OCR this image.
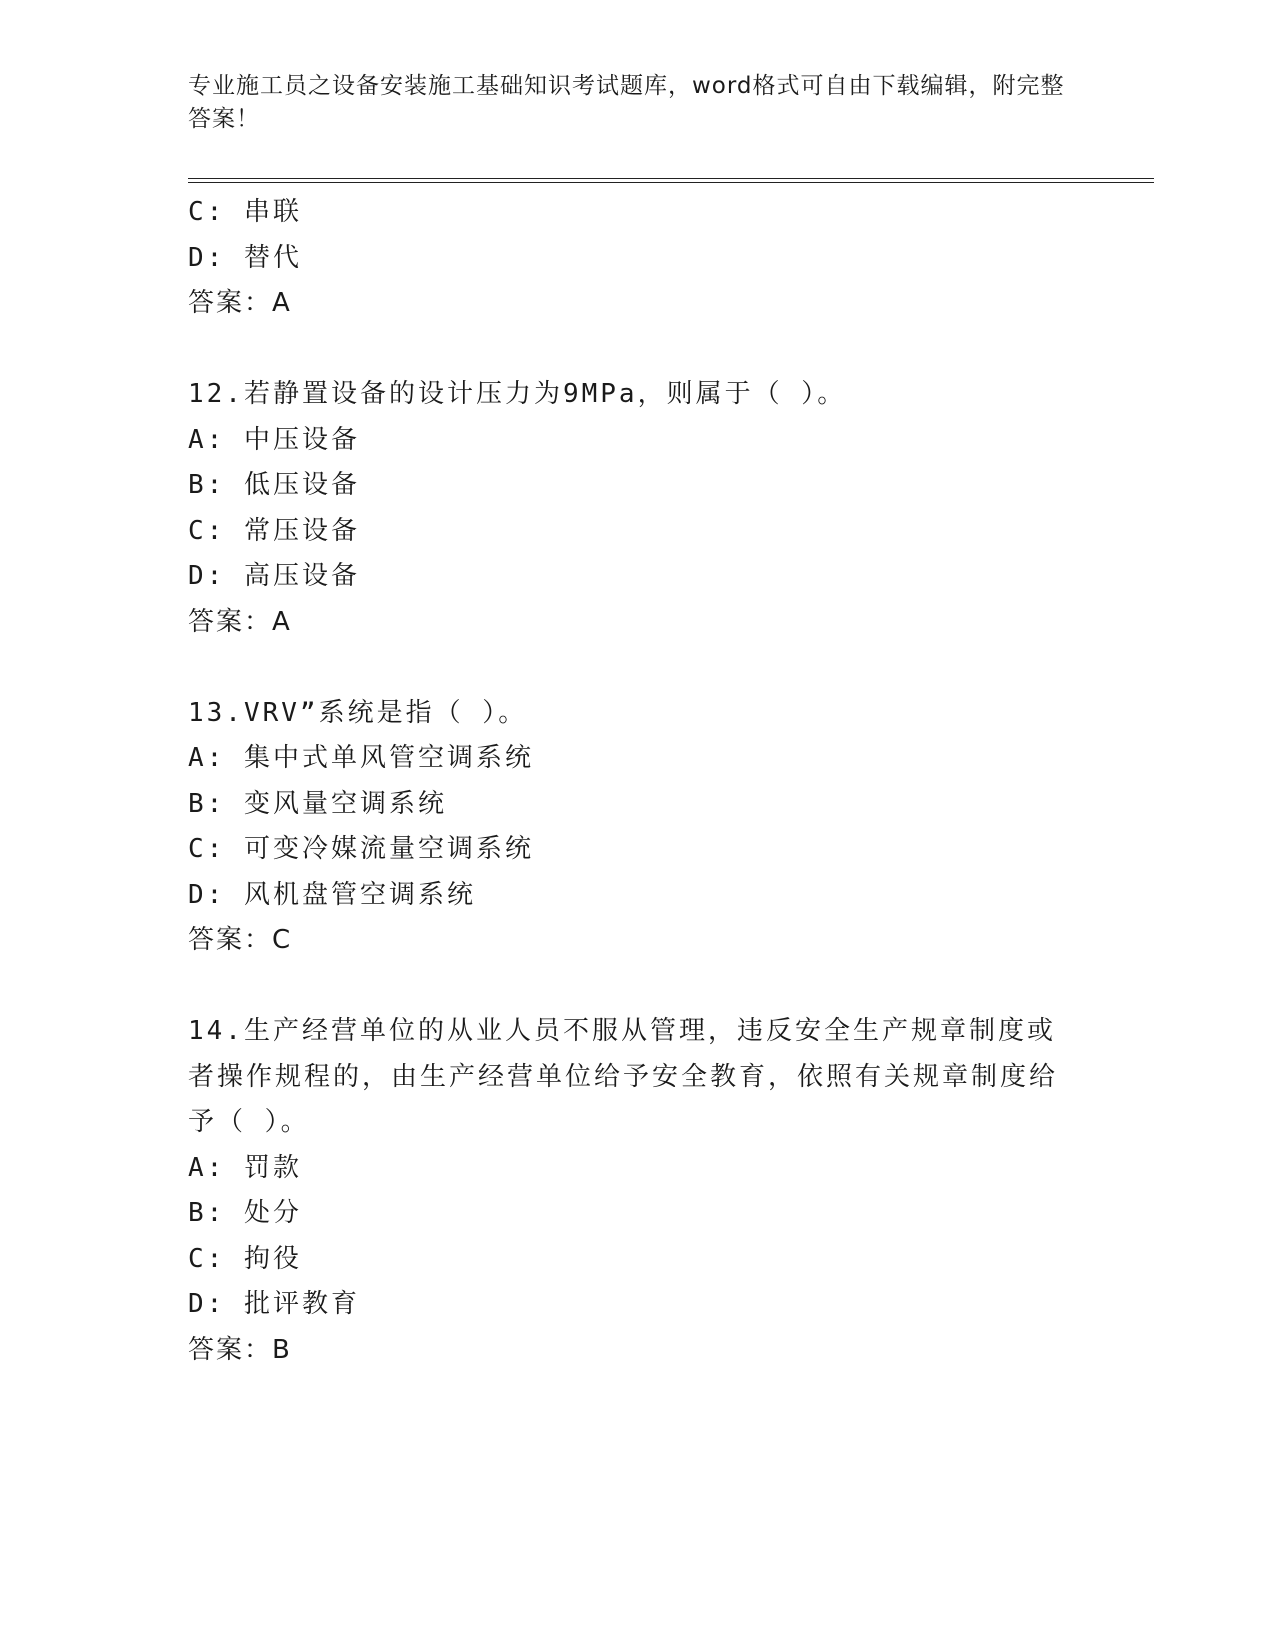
专业施工员之设备安装施工基础知识考试题库，word格式可自由下载编辑，附完整答案！

C: 串联

D: 替代

答案：A

12.若静置设备的设计压力为9MPa，则属于（ ）。

A: 中压设备

B: 低压设备

C: 常压设备

D: 高压设备

答案：A

13.VRV”系统是指（ ）。

A: 集中式单风管空调系统

B: 变风量空调系统

C: 可变冷媒流量空调系统

D: 风机盘管空调系统

答案：C

14.生产经营单位的从业人员不服从管理，违反安全生产规章制度或者操作规程的，由生产经营单位给予安全教育，依照有关规章制度给予（ ）。

A: 罚款

B: 处分

C: 拘役

D: 批评教育

答案：B
